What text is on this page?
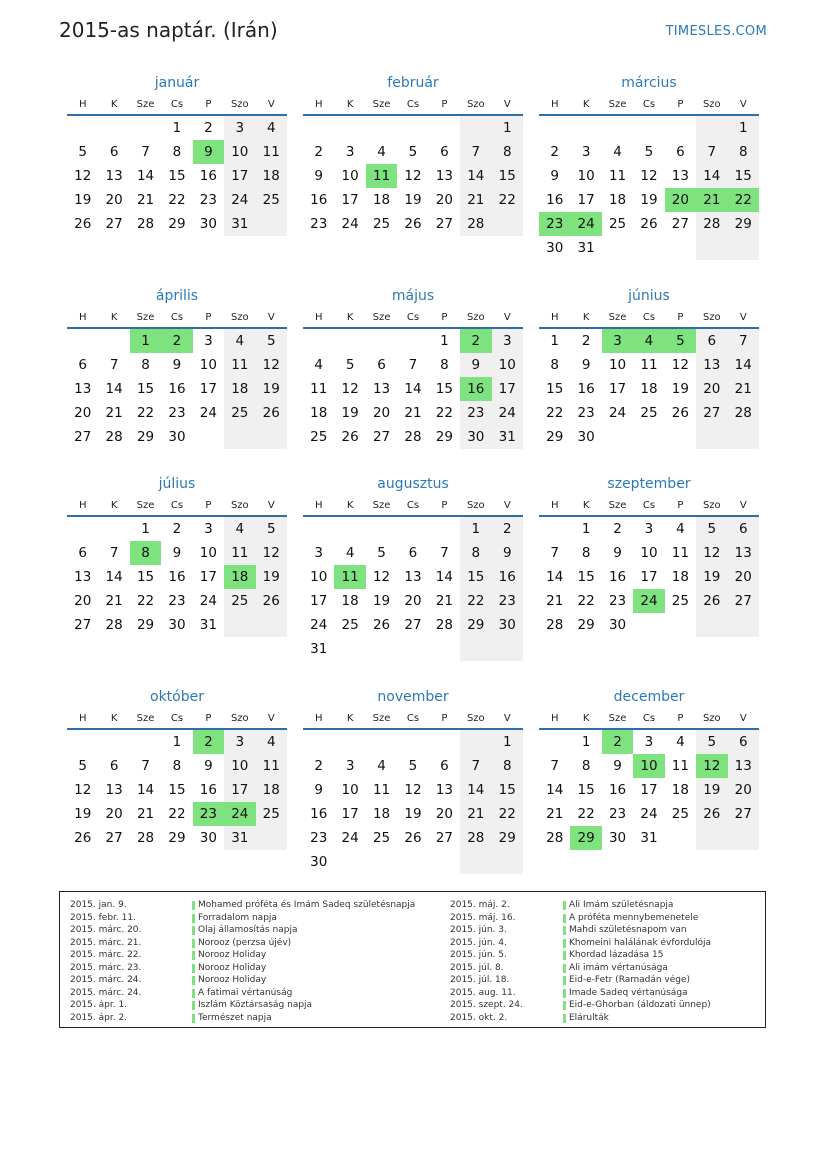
2015-as naptár. (Irán)	TIMESLES.COM
január
H	K	Sze	Cs	P	Szo	V
			1	2	3	4
5	6	7	8	9	10	11
12	13	14	15	16	17	18
19	20	21	22	23	24	25
26	27	28	29	30	31	
február
H	K	Sze	Cs	P	Szo	V
						1
2	3	4	5	6	7	8
9	10	11	12	13	14	15
16	17	18	19	20	21	22
23	24	25	26	27	28	
március
H	K	Sze	Cs	P	Szo	V
						1
2	3	4	5	6	7	8
9	10	11	12	13	14	15
16	17	18	19	20	21	22
23	24	25	26	27	28	29
30	31					
április
H	K	Sze	Cs	P	Szo	V
		1	2	3	4	5
6	7	8	9	10	11	12
13	14	15	16	17	18	19
20	21	22	23	24	25	26
27	28	29	30			
május
H	K	Sze	Cs	P	Szo	V
				1	2	3
4	5	6	7	8	9	10
11	12	13	14	15	16	17
18	19	20	21	22	23	24
25	26	27	28	29	30	31
június
H	K	Sze	Cs	P	Szo	V
1	2	3	4	5	6	7
8	9	10	11	12	13	14
15	16	17	18	19	20	21
22	23	24	25	26	27	28
29	30					
július
H	K	Sze	Cs	P	Szo	V
		1	2	3	4	5
6	7	8	9	10	11	12
13	14	15	16	17	18	19
20	21	22	23	24	25	26
27	28	29	30	31		
augusztus
H	K	Sze	Cs	P	Szo	V
					1	2
3	4	5	6	7	8	9
10	11	12	13	14	15	16
17	18	19	20	21	22	23
24	25	26	27	28	29	30
31						
szeptember
H	K	Sze	Cs	P	Szo	V
	1	2	3	4	5	6
7	8	9	10	11	12	13
14	15	16	17	18	19	20
21	22	23	24	25	26	27
28	29	30				
október
H	K	Sze	Cs	P	Szo	V
			1	2	3	4
5	6	7	8	9	10	11
12	13	14	15	16	17	18
19	20	21	22	23	24	25
26	27	28	29	30	31	
november
H	K	Sze	Cs	P	Szo	V
						1
2	3	4	5	6	7	8
9	10	11	12	13	14	15
16	17	18	19	20	21	22
23	24	25	26	27	28	29
30						
december
H	K	Sze	Cs	P	Szo	V
	1	2	3	4	5	6
7	8	9	10	11	12	13
14	15	16	17	18	19	20
21	22	23	24	25	26	27
28	29	30	31			
2015. jan. 9.	Mohamed próféta és Imám Sadeq születésnapja
2015. febr. 11.	Forradalom napja
2015. márc. 20.	Olaj államosítás napja
2015. márc. 21.	Norooz (perzsa újév)
2015. márc. 22.	Norooz Holiday
2015. márc. 23.	Norooz Holiday
2015. márc. 24.	Norooz Holiday
2015. márc. 24.	A fatimai vértanúság
2015. ápr. 1.	Iszlám Köztársaság napja
2015. ápr. 2.	Természet napja
2015. máj. 2.	Ali Imám születésnapja
2015. máj. 16.	A próféta mennybemenetele
2015. jún. 3.	Mahdi születésnapom van
2015. jún. 4.	Khomeini halálának évfordulója
2015. jún. 5.	Khordad lázadása 15
2015. júl. 8.	Ali imám vértanúsága
2015. júl. 18.	Eid-e-Fetr (Ramadán vége)
2015. aug. 11.	Imade Sadeq vértanúsága
2015. szept. 24.	Eid-e-Ghorban (áldozati ünnep)
2015. okt. 2.	Elárulták
